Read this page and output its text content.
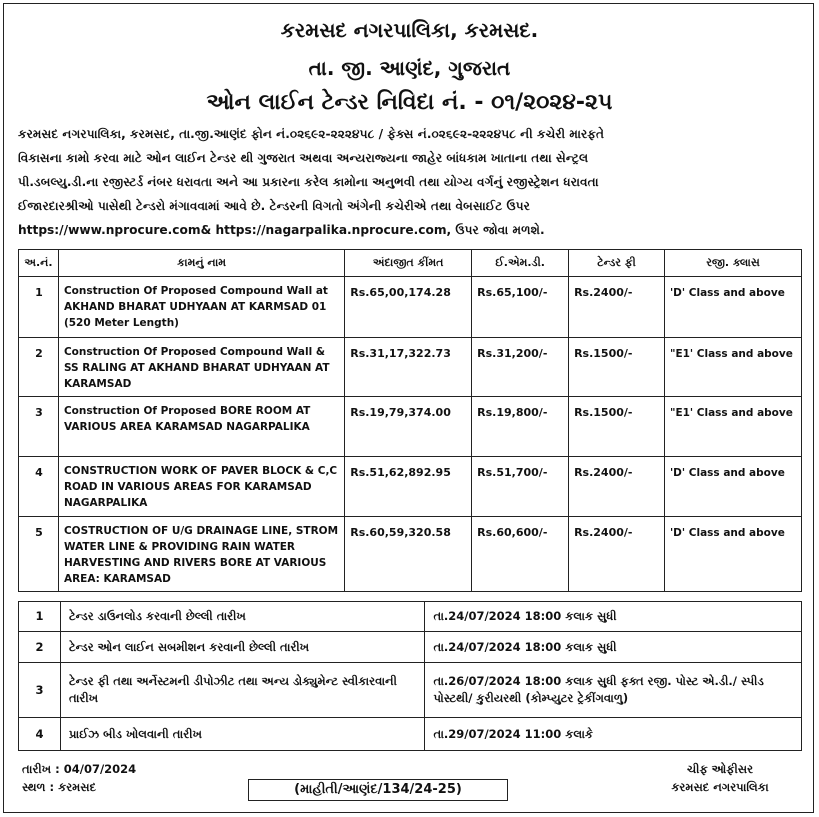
કરમસદ નગરપાલિકા, કરમસદ.
તા. જી. આણંદ, ગુજરાત
ઓન લાઈન ટેન્ડર નિવિદા નં. - ૦૧/૨૦૨૪-૨૫
કરમસદ નગરપાલિકા, કરમસદ, તા.જી.આણંદ ફોન નં.૦૨૬૯૨-૨૨૨૪૫૮ / ફેક્સ નં.૦૨૬૯૨-૨૨૨૪૫૮ ની કચેરી મારફતે
વિકાસના કામો કરવા માટે ઓન લાઈન ટેન્ડર થી ગુજરાત અથવા અન્યરાજ્યના જાહેર બાંધકામ ખાતાના તથા સેન્ટ્રલ
પી.ડબલ્યુ.ડી.ના રજીસ્ટર્ડ નંબર ધરાવતા અને આ પ્રકારના કરેલ કામોના અનુભવી તથા યોગ્ય વર્ગનું રજીસ્ટ્રેશન ધરાવતા
ઈજારદારશ્રીઓ પાસેથી ટેન્ડરો મંગાવવામાં આવે છે. ટેન્ડરની વિગતો અંગેની કચેરીએ તથા વેબસાઈટ ઉપર
https://www.nprocure.com& https://nagarpalika.nprocure.com, ઉપર જોવા મળશે.
અ.નં.	કામનું નામ	અંદાજીત કીંમત	ઈ.એમ.ડી.	ટેન્ડર ફી	રજી. ક્લાસ
1	Construction Of Proposed Compound Wall at AKHAND BHARAT UDHYAAN AT KARMSAD 01 (520 Meter Length)	Rs.65,00,174.28	Rs.65,100/-	Rs.2400/-	'D' Class and above
2	Construction Of Proposed Compound Wall & SS RALING AT AKHAND BHARAT UDHYAAN AT KARAMSAD	Rs.31,17,322.73	Rs.31,200/-	Rs.1500/-	"E1' Class and above
3	Construction Of Proposed BORE ROOM AT VARIOUS AREA KARAMSAD NAGARPALIKA	Rs.19,79,374.00	Rs.19,800/-	Rs.1500/-	"E1' Class and above
4	CONSTRUCTION WORK OF PAVER BLOCK & C,C ROAD IN VARIOUS AREAS FOR KARAMSAD NAGARPALIKA	Rs.51,62,892.95	Rs.51,700/-	Rs.2400/-	'D' Class and above
5	COSTRUCTION OF U/G DRAINAGE LINE, STROM WATER LINE & PROVIDING RAIN WATER HARVESTING AND RIVERS BORE AT VARIOUS AREA: KARAMSAD	Rs.60,59,320.58	Rs.60,600/-	Rs.2400/-	'D' Class and above
1	ટેન્ડર ડાઉનલોડ કરવાની છેલ્લી તારીખ	તા.24/07/2024 18:00 કલાક સુધી
2	ટેન્ડર ઓન લાઈન સબમીશન કરવાની છેલ્લી તારીખ	તા.24/07/2024 18:00 કલાક સુધી
3	ટેન્ડર ફી તથા અર્નેસ્ટમની ડીપોઝીટ તથા અન્ય ડોક્યુમેન્ટ સ્વીકારવાની તારીખ	તા.26/07/2024 18:00 કલાક સુધી ફક્ત રજી. પોસ્ટ એ.ડી./ સ્પીડ પોસ્ટથી/ કુરીયરથી (કોમ્પ્યુટર ટ્રેકીંગવાળુ)
4	પ્રાઈઝ બીડ ખોલવાની તારીખ	તા.29/07/2024 11:00 કલાકે
તારીખ : 04/07/2024
સ્થળ : કરમસદ	(માહીતી/આણંદ/134/24-25)
ચીફ ઓફીસર
કરમસદ નગરપાલિકા
